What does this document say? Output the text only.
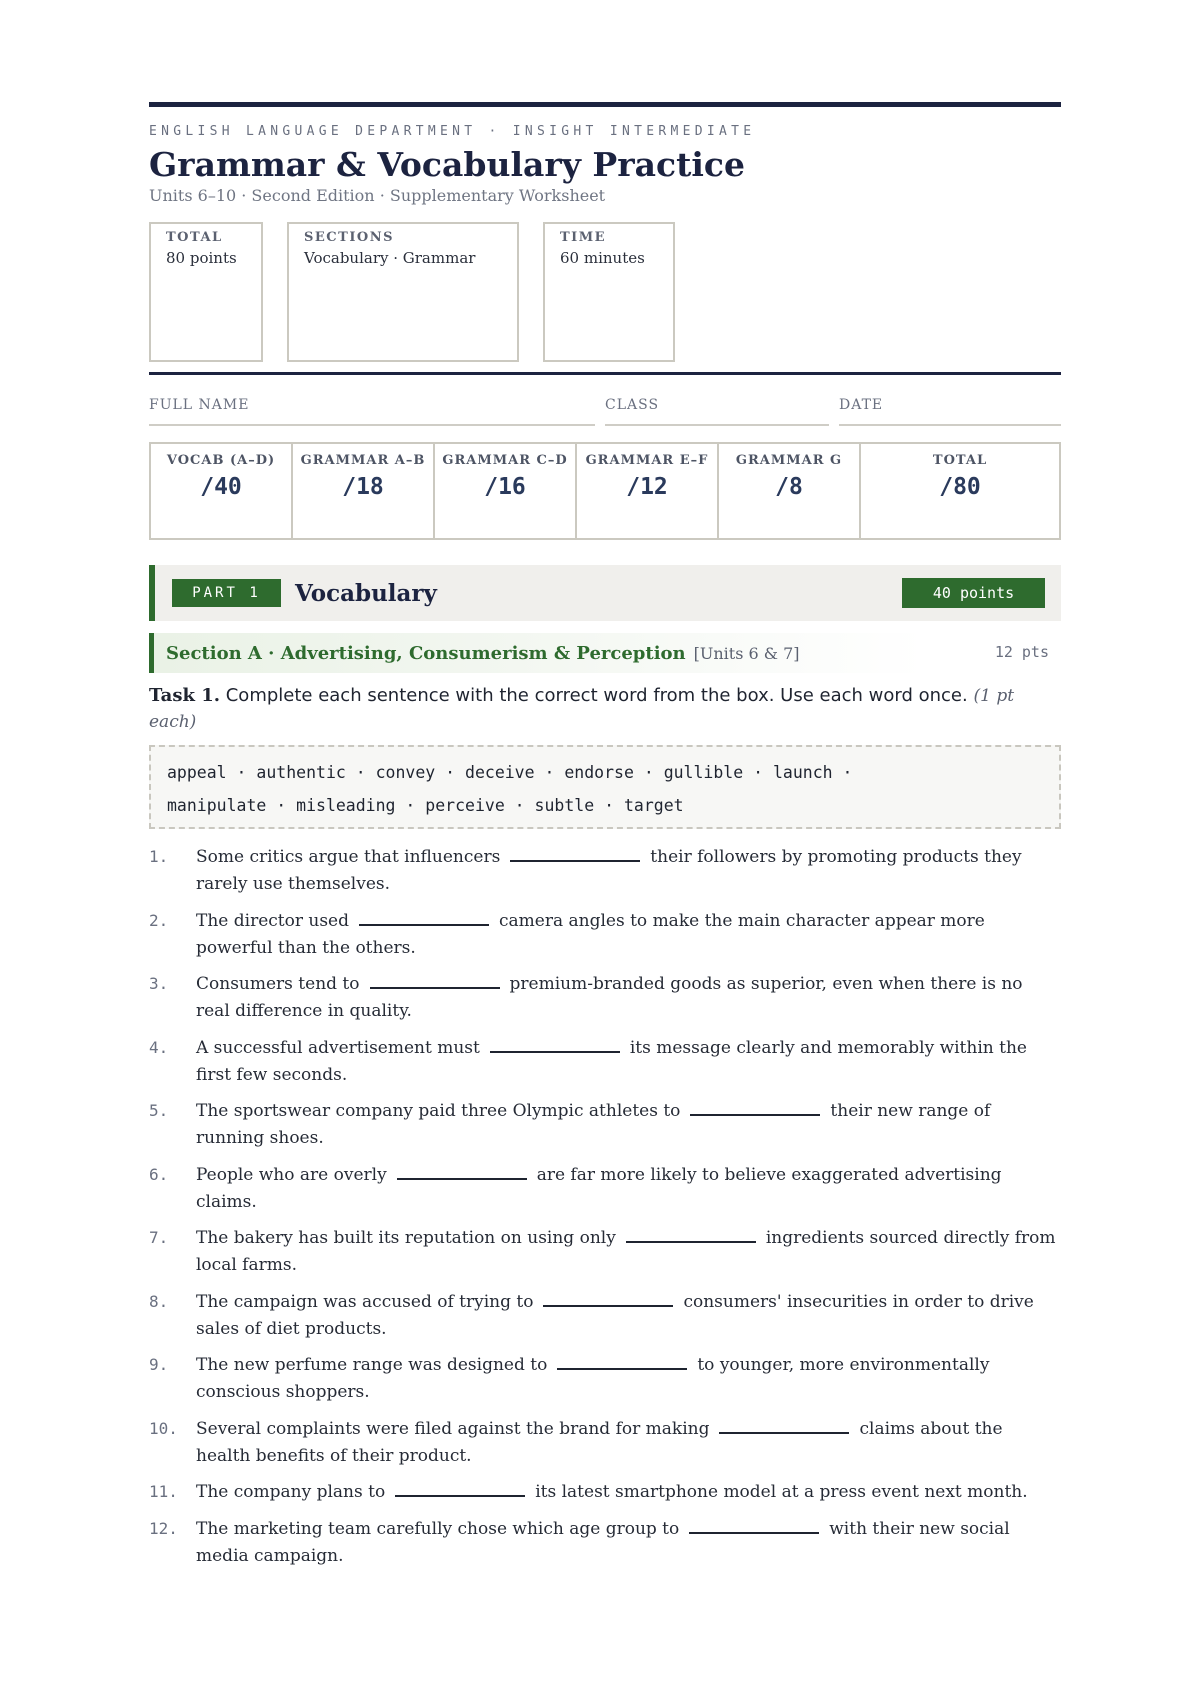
ENGLISH LANGUAGE DEPARTMENT · INSIGHT INTERMEDIATE
Grammar & Vocabulary Practice
Units 6–10 · Second Edition · Supplementary Worksheet
TOTAL
80 points
SECTIONS
Vocabulary · Grammar
TIME
60 minutes
FULL NAME	CLASS	DATE
VOCAB (A–D)
/40
GRAMMAR A–B
/18
GRAMMAR C–D
/16
GRAMMAR E–F
/12
GRAMMAR G
/8
TOTAL
/80
PART 1	Vocabulary	40 points
Section A · Advertising, Consumerism & Perception [Units 6 & 7]	12 pts
Task 1. Complete each sentence with the correct word from the box. Use each word once. (1 pt each)
appeal · authentic · convey · deceive · endorse · gullible · launch ·
manipulate · misleading · perceive · subtle · target
1.	Some critics argue that influencers	their followers by promoting products they rarely use themselves.
2.	The director used	camera angles to make the main character appear more powerful than the others.
3.	Consumers tend to	premium-branded goods as superior, even when there is no real difference in quality.
4.	A successful advertisement must	its message clearly and memorably within the first few seconds.
5.	The sportswear company paid three Olympic athletes to	their new range of running shoes.
6.	People who are overly	are far more likely to believe exaggerated advertising claims.
7.	The bakery has built its reputation on using only	ingredients sourced directly from local farms.
8.	The campaign was accused of trying to	consumers' insecurities in order to drive sales of diet products.
9.	The new perfume range was designed to	to younger, more environmentally conscious shoppers.
10.	Several complaints were filed against the brand for making	claims about the health benefits of their product.
11.	The company plans to	its latest smartphone model at a press event next month.
12.	The marketing team carefully chose which age group to	with their new social media campaign.
